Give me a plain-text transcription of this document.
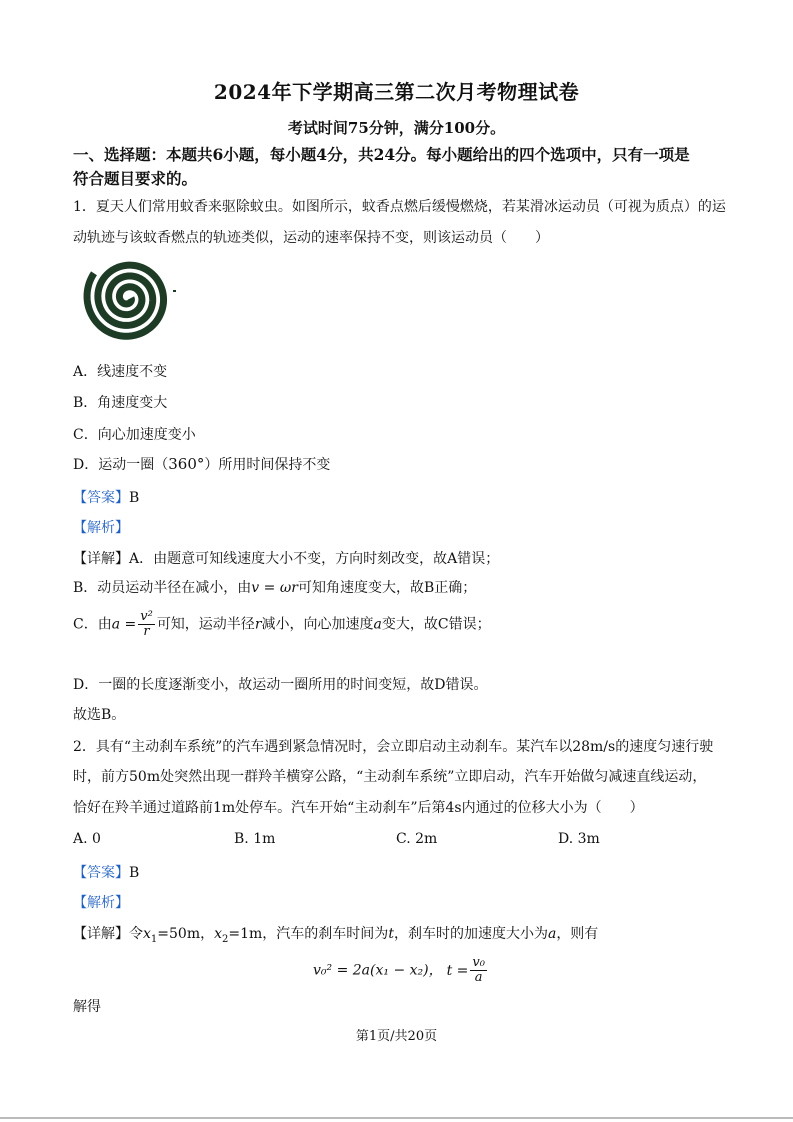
2024年下学期高三第二次月考物理试卷
考试时间75分钟，满分100分。
一、选择题：本题共6小题，每小题4分，共24分。每小题给出的四个选项中，只有一项是
符合题目要求的。
1．夏天人们常用蚊香来驱除蚊虫。如图所示，蚊香点燃后缓慢燃烧，若某滑冰运动员（可视为质点）的运
动轨迹与该蚊香燃点的轨迹类似，运动的速率保持不变，则该运动员（　　）
A．线速度不变
B．角速度变大
C．向心加速度变小
D．运动一圈（360°）所用时间保持不变
【答案】B
【解析】
【详解】A．由题意可知线速度大小不变，方向时刻改变，故A错误；
B．动员运动半径在减小，由v = ωr可知角速度变大，故B正确；
C．由$a = \frac{\text{v²}}{r}$ 可知，运动半径r减小，向心加速度a变大，故C错误；
D．一圈的长度逐渐变小，故运动一圈所用的时间变短，故D错误。
故选B。
2．具有“主动刹车系统”的汽车遇到紧急情况时，会立即启动主动刹车。某汽车以28m/s的速度匀速行驶
时，前方50m处突然出现一群羚羊横穿公路，“主动刹车系统”立即启动，汽车开始做匀减速直线运动，
恰好在羚羊通过道路前1m处停车。汽车开始“主动刹车”后第4s内通过的位移大小为（　　）
A. 0	B. 1m	C. 2m	D. 3m
【答案】B
【解析】
【详解】令$x_1=50m$，$x_2=1m$，汽车的刹车时间为t，刹车时的加速度大小为a，则有
v₀² = 2a(x₁ − x₂)， $t = \frac{\text{v₀}}{a}$
解得
第1页/共20页
